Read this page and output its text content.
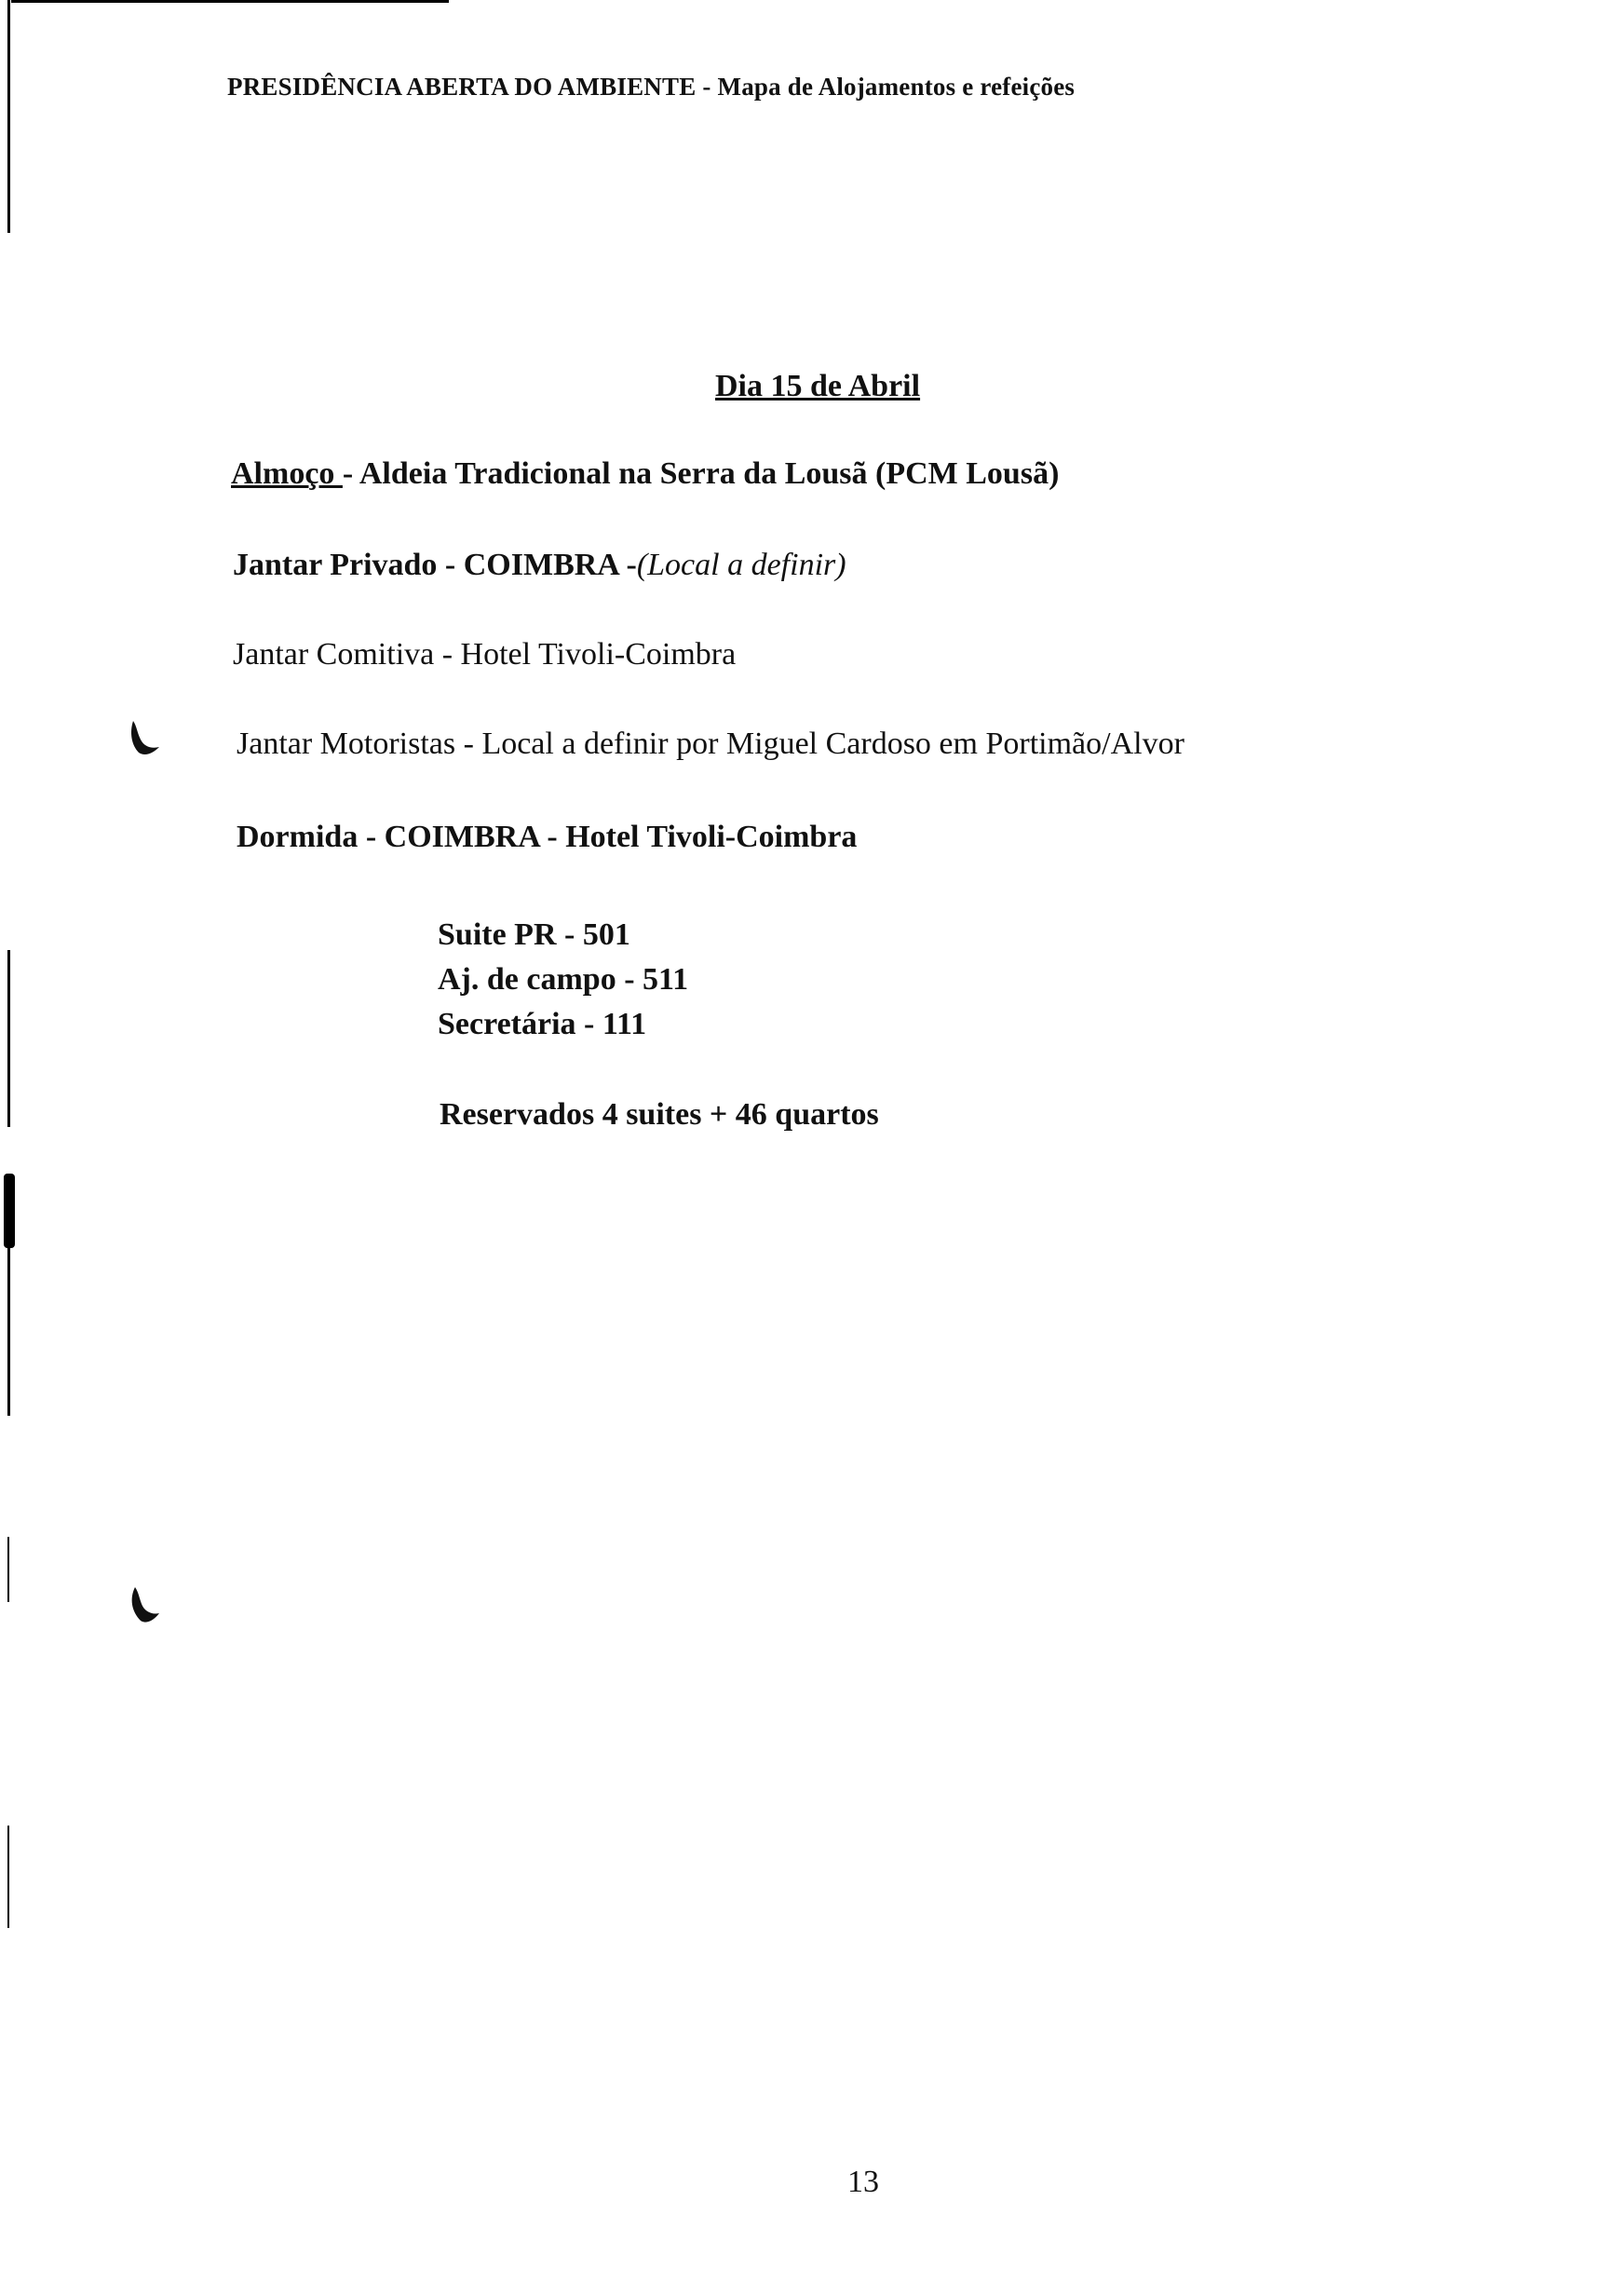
PRESIDÊNCIA ABERTA DO AMBIENTE - Mapa de Alojamentos e refeições
Dia 15 de Abril
Almoço - Aldeia Tradicional na Serra da Lousã (PCM Lousã)
Jantar Privado - COIMBRA -(Local a definir)
Jantar Comitiva - Hotel Tivoli-Coimbra
Jantar Motoristas - Local a definir por Miguel Cardoso em Portimão/Alvor
Dormida - COIMBRA - Hotel Tivoli-Coimbra
Suite PR - 501
Aj. de campo - 511
Secretária - 111
Reservados 4 suites + 46 quartos
13
